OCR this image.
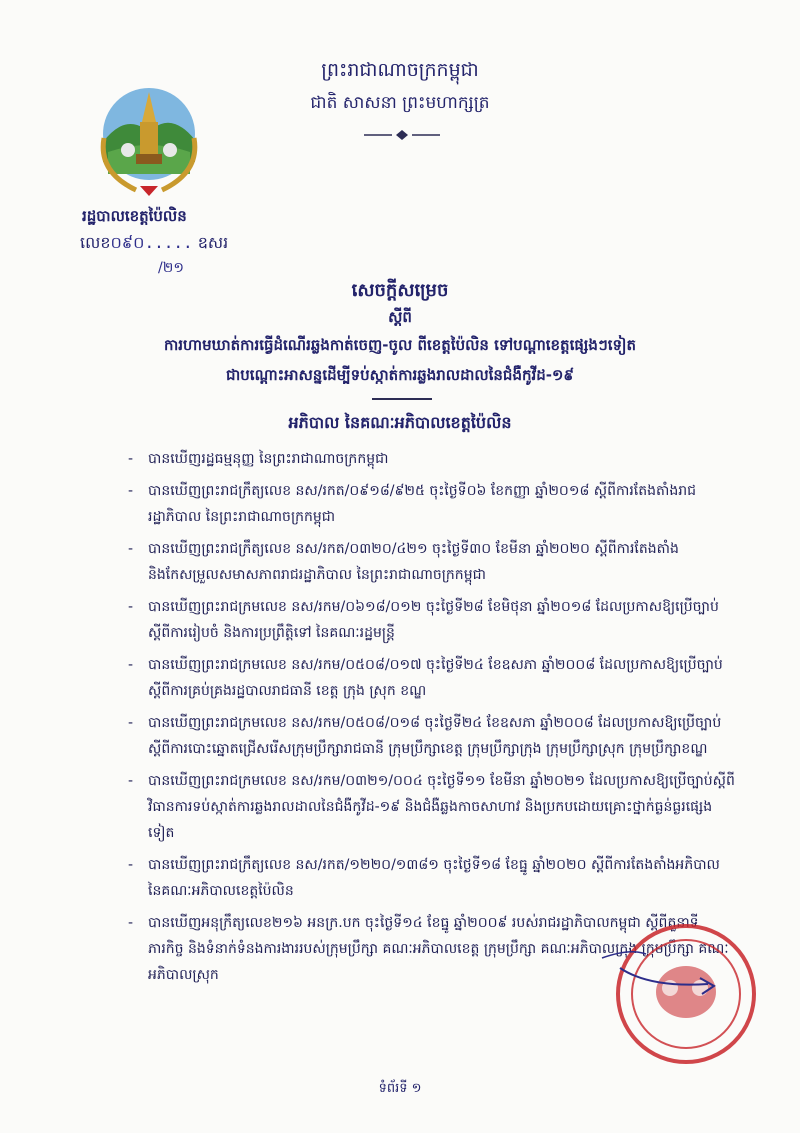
ព្រះរាជាណាចក្រកម្ពុជា
ជាតិ សាសនា ព្រះមហាក្សត្រ
រដ្ឋបាលខេត្តប៉ៃលិន
លេខ០៩០..... ឧសរ
/២១
សេចក្ដីសម្រេច
ស្ដីពី
ការហាមឃាត់ការធ្វើដំណើរឆ្លងកាត់ចេញ-ចូល ពីខេត្តប៉ៃលិន ទៅបណ្ដាខេត្តផ្សេងៗទៀត
ជាបណ្ដោះអាសន្នដើម្បីទប់ស្កាត់ការឆ្លងរាលដាលនៃជំងឺកូវីដ-១៩
អភិបាល នៃគណៈអភិបាលខេត្តប៉ៃលិន
- បានឃើញរដ្ឋធម្មនុញ្ញ នៃព្រះរាជាណាចក្រកម្ពុជា
- បានឃើញព្រះរាជក្រឹត្យលេខ នស/រកត/០៩១៨/៩២៥ ចុះថ្ងៃទី០៦ ខែកញ្ញា ឆ្នាំ២០១៨ ស្ដីពីការតែងតាំងរាជរដ្ឋាភិបាល នៃព្រះរាជាណាចក្រកម្ពុជា
- បានឃើញព្រះរាជក្រឹត្យលេខ នស/រកត/០៣២០/៤២១ ចុះថ្ងៃទី៣០ ខែមីនា ឆ្នាំ២០២០ ស្ដីពីការតែងតាំង និងកែសម្រួលសមាសភាពរាជរដ្ឋាភិបាល នៃព្រះរាជាណាចក្រកម្ពុជា
- បានឃើញព្រះរាជក្រមលេខ នស/រកម/០៦១៨/០១២ ចុះថ្ងៃទី២៨ ខែមិថុនា ឆ្នាំ២០១៨ ដែលប្រកាសឱ្យប្រើច្បាប់ស្ដីពីការរៀបចំ និងការប្រព្រឹត្តិទៅ នៃគណៈរដ្ឋមន្ត្រី
- បានឃើញព្រះរាជក្រមលេខ នស/រកម/០៥០៨/០១៧ ចុះថ្ងៃទី២៤ ខែឧសភា ឆ្នាំ២០០៨ ដែលប្រកាសឱ្យប្រើច្បាប់ស្ដីពីការគ្រប់គ្រងរដ្ឋបាលរាជធានី ខេត្ត ក្រុង ស្រុក ខណ្ឌ
- បានឃើញព្រះរាជក្រមលេខ នស/រកម/០៥០៨/០១៨ ចុះថ្ងៃទី២៤ ខែឧសភា ឆ្នាំ២០០៨ ដែលប្រកាសឱ្យប្រើច្បាប់ស្ដីពីការបោះឆ្នោតជ្រើសរើសក្រុមប្រឹក្សារាជធានី ក្រុមប្រឹក្សាខេត្ត ក្រុមប្រឹក្សាក្រុង ក្រុមប្រឹក្សាស្រុក ក្រុមប្រឹក្សាខណ្ឌ
- បានឃើញព្រះរាជក្រមលេខ នស/រកម/០៣២១/០០៤ ចុះថ្ងៃទី១១ ខែមីនា ឆ្នាំ២០២១ ដែលប្រកាសឱ្យប្រើច្បាប់ស្ដីពីវិធានការទប់ស្កាត់ការឆ្លងរាលដាលនៃជំងឺកូវីដ-១៩ និងជំងឺឆ្លងកាចសាហាវ និងប្រកបដោយគ្រោះថ្នាក់ធ្ងន់ធ្ងរផ្សេងទៀត
- បានឃើញព្រះរាជក្រឹត្យលេខ នស/រកត/១២២០/១៣៨១ ចុះថ្ងៃទី១៨ ខែធ្នូ ឆ្នាំ២០២០ ស្ដីពីការតែងតាំងអភិបាលនៃគណៈអភិបាលខេត្តប៉ៃលិន
- បានឃើញអនុក្រឹត្យលេខ២១៦ អនក្រ.បក ចុះថ្ងៃទី១៤ ខែធ្នូ ឆ្នាំ២០០៩ របស់រាជរដ្ឋាភិបាលកម្ពុជា ស្ដីពីតួនាទី ភារកិច្ច និងទំនាក់ទំនងការងាររបស់ក្រុមប្រឹក្សា គណៈអភិបាលខេត្ត ក្រុមប្រឹក្សា គណៈអភិបាលក្រុង ក្រុមប្រឹក្សា គណៈអភិបាលស្រុក
ទំព័រទី ១
